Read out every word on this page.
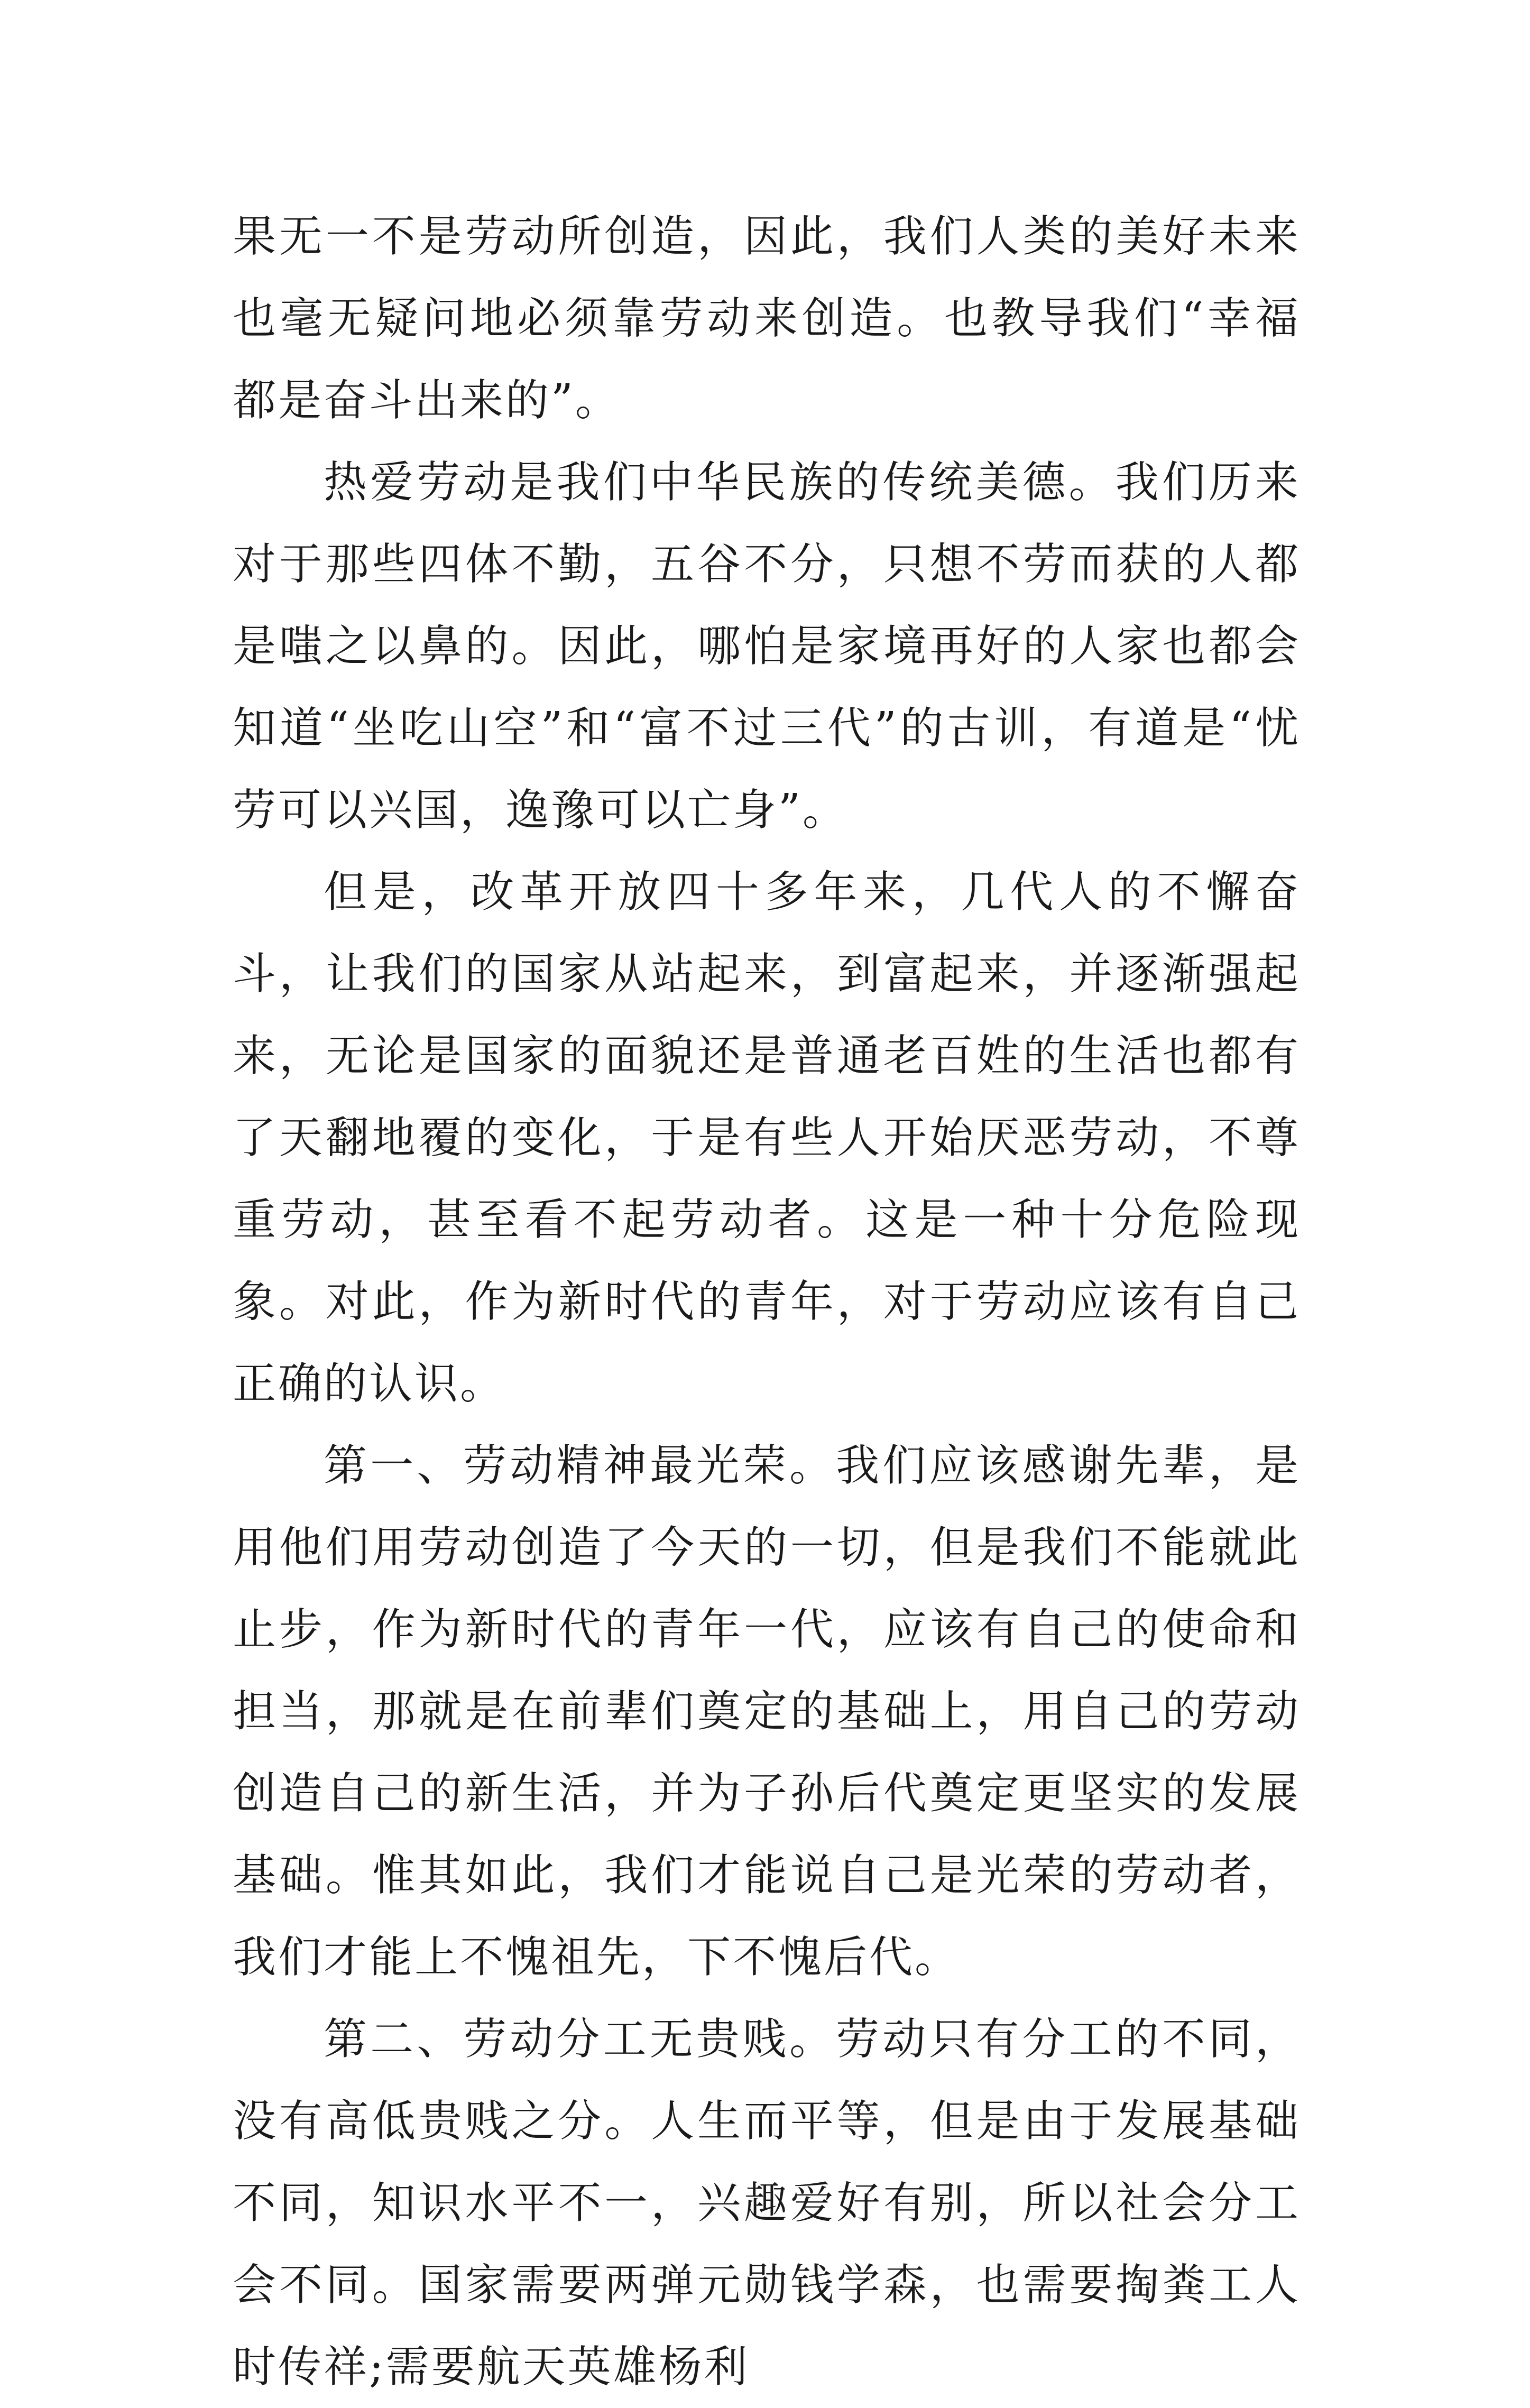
果无一不是劳动所创造，因此，我们人类的美好未来也毫无疑问地必须靠劳动来创造。也教导我们“幸福都是奋斗出来的”。

热爱劳动是我们中华民族的传统美德。我们历来对于那些四体不勤，五谷不分，只想不劳而获的人都是嗤之以鼻的。因此，哪怕是家境再好的人家也都会知道“坐吃山空”和“富不过三代”的古训，有道是“忧劳可以兴国，逸豫可以亡身”。

但是，改革开放四十多年来，几代人的不懈奋斗，让我们的国家从站起来，到富起来，并逐渐强起来，无论是国家的面貌还是普通老百姓的生活也都有了天翻地覆的变化，于是有些人开始厌恶劳动，不尊重劳动，甚至看不起劳动者。这是一种十分危险现象。对此，作为新时代的青年，对于劳动应该有自己正确的认识。

第一、劳动精神最光荣。我们应该感谢先辈，是用他们用劳动创造了今天的一切，但是我们不能就此止步，作为新时代的青年一代，应该有自己的使命和担当，那就是在前辈们奠定的基础上，用自己的劳动创造自己的新生活，并为子孙后代奠定更坚实的发展基础。惟其如此，我们才能说自己是光荣的劳动者，我们才能上不愧祖先，下不愧后代。

第二、劳动分工无贵贱。劳动只有分工的不同，没有高低贵贱之分。人生而平等，但是由于发展基础不同，知识水平不一，兴趣爱好有别，所以社会分工会不同。国家需要两弹元勋钱学森，也需要掏粪工人时传祥;需要航天英雄杨利
